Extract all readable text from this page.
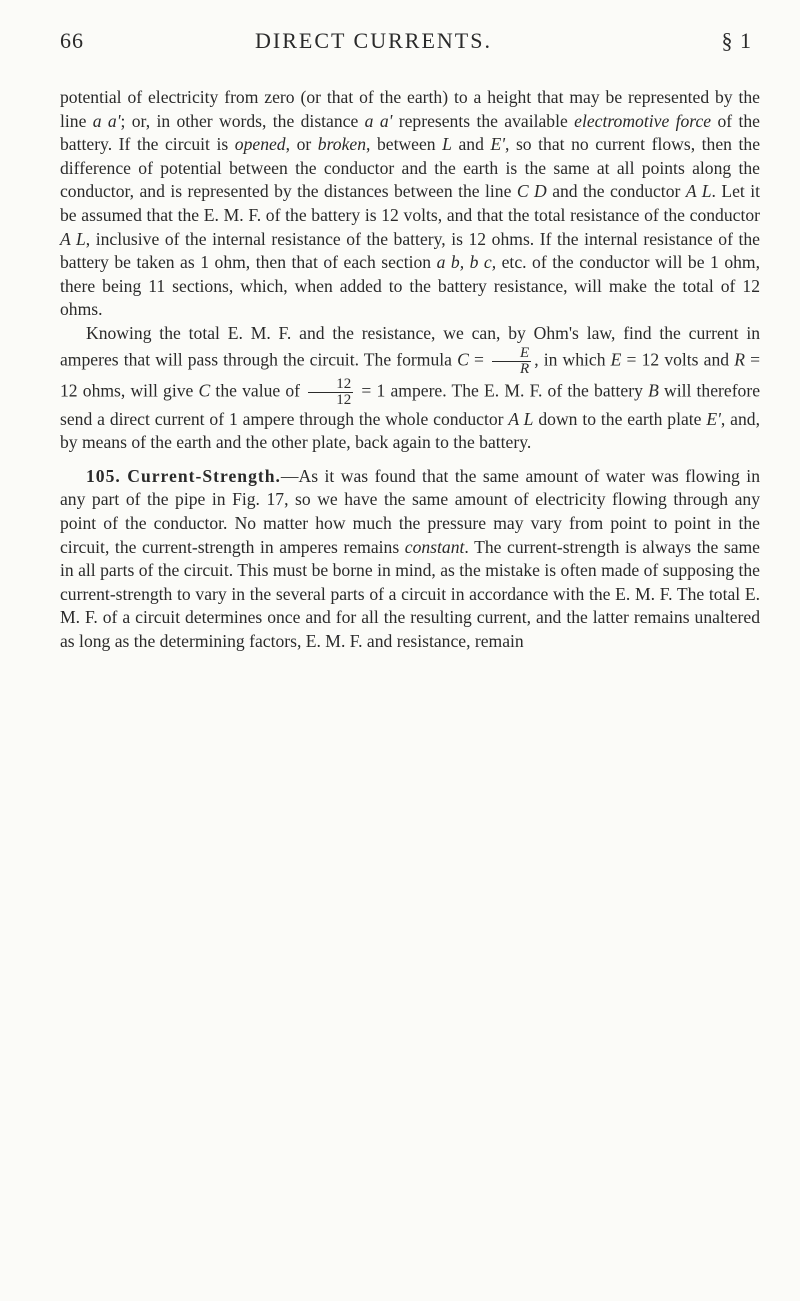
66	DIRECT CURRENTS.	§ 1

potential of electricity from zero (or that of the earth) to a height that may be represented by the line a a'; or, in other words, the distance a a' represents the available electromotive force of the battery. If the circuit is opened, or broken, between L and E', so that no current flows, then the difference of potential between the conductor and the earth is the same at all points along the conductor, and is represented by the distances between the line C D and the conductor A L. Let it be assumed that the E. M. F. of the battery is 12 volts, and that the total resistance of the conductor A L, inclusive of the internal resistance of the battery, is 12 ohms. If the internal resistance of the battery be taken as 1 ohm, then that of each section a b, b c, etc. of the conductor will be 1 ohm, there being 11 sections, which, when added to the battery resistance, will make the total of 12 ohms.

Knowing the total E. M. F. and the resistance, we can, by Ohm's law, find the current in amperes that will pass through the circuit. The formula $C = \frac{E}{R}$ , in which E = 12 volts and R = 12 ohms, will give C the value of $\frac{12}{12} = 1$ ampere. The E. M. F. of the battery B will therefore send a direct current of 1 ampere through the whole conductor A L down to the earth plate E', and, by means of the earth and the other plate, back again to the battery.

105. Current-Strength.—As it was found that the same amount of water was flowing in any part of the pipe in Fig. 17, so we have the same amount of electricity flowing through any point of the conductor. No matter how much the pressure may vary from point to point in the circuit, the current-strength in amperes remains constant. The current-strength is always the same in all parts of the circuit. This must be borne in mind, as the mistake is often made of supposing the current-strength to vary in the several parts of a circuit in accordance with the E. M. F. The total E. M. F. of a circuit determines once and for all the resulting current, and the latter remains unaltered as long as the determining factors, E. M. F. and resistance, remain
